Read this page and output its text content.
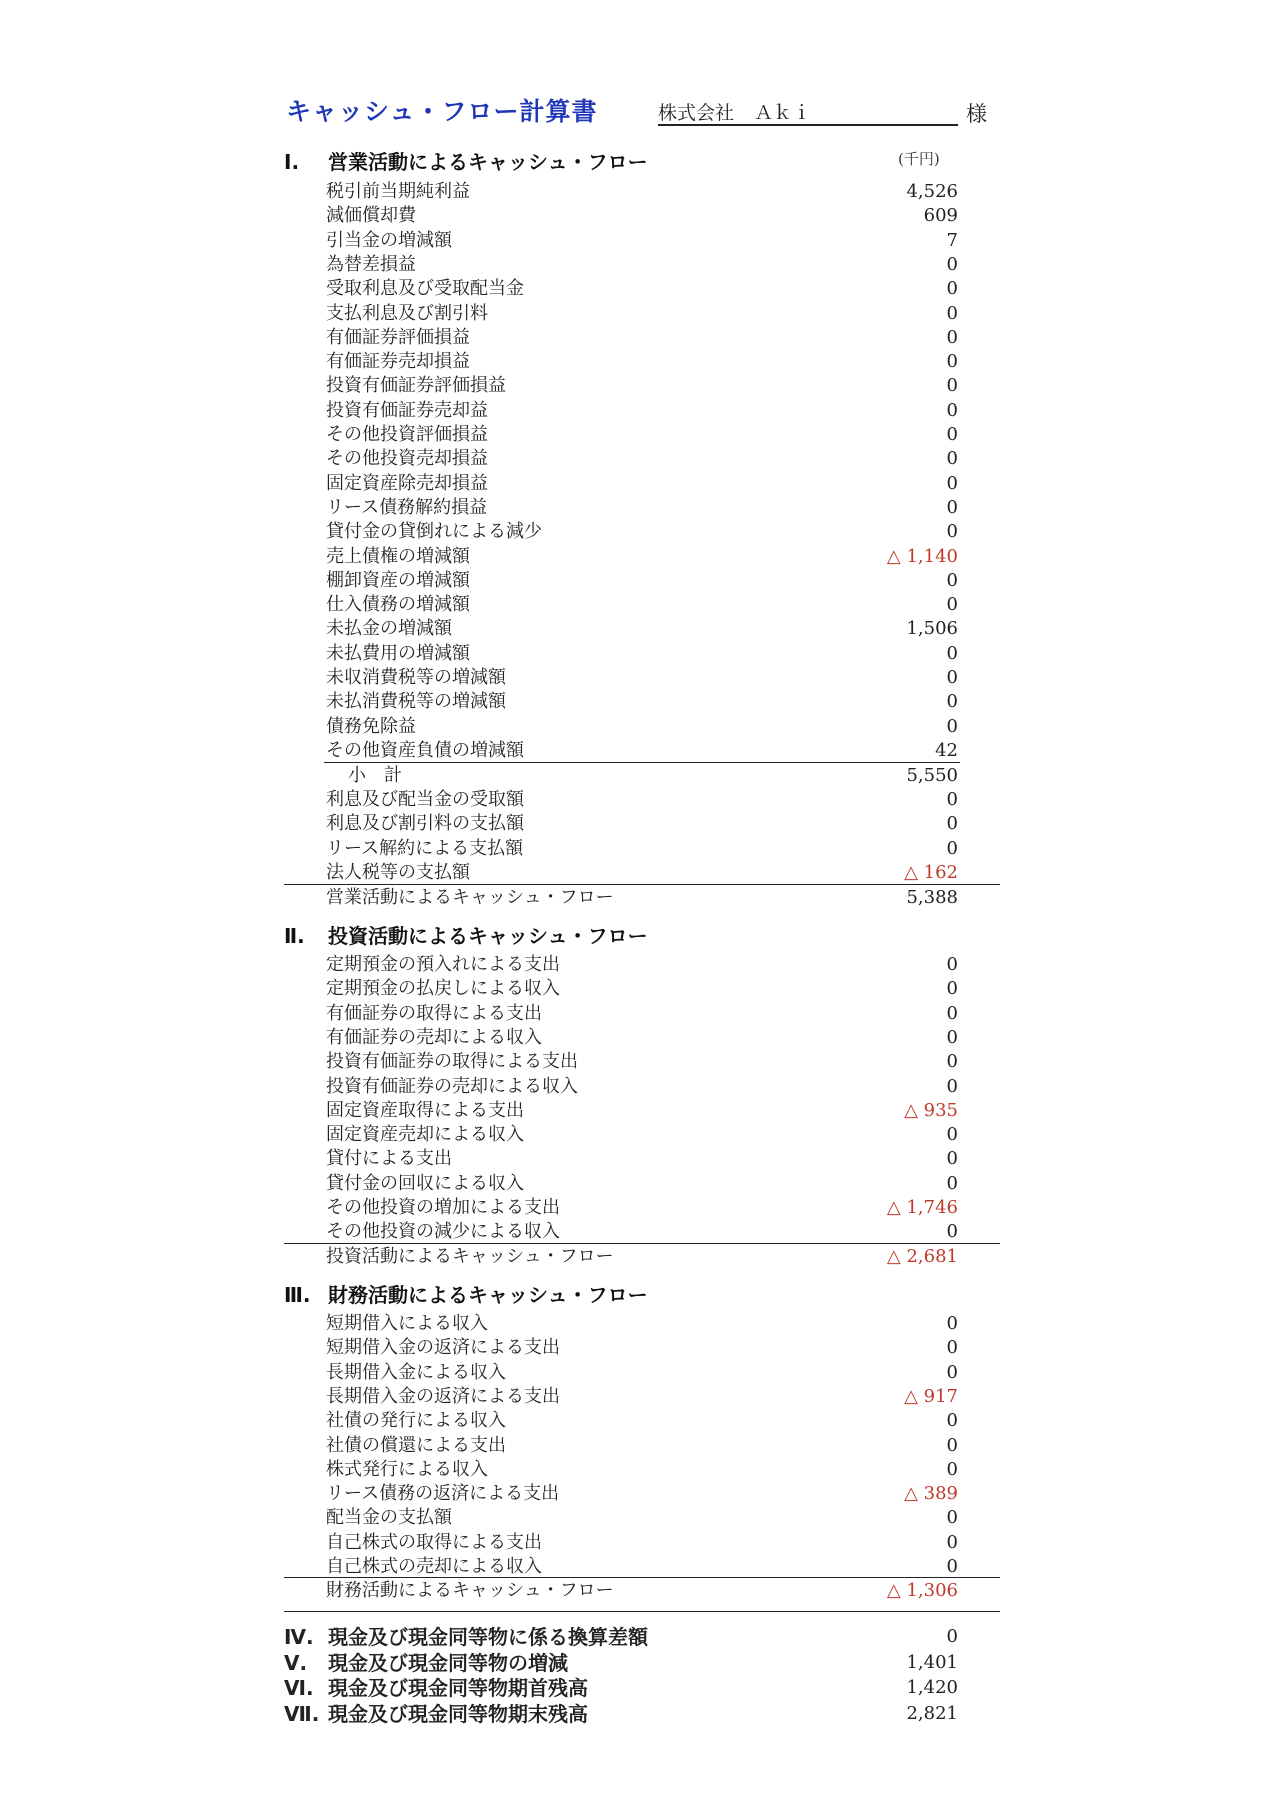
キャッシュ・フロー計算書	株式会社 Ａｋｉ	様
(千円)
Ⅰ. 営業活動によるキャッシュ・フロー
税引前当期純利益	4,526
減価償却費	609
引当金の増減額	7
為替差損益	0
受取利息及び受取配当金	0
支払利息及び割引料	0
有価証券評価損益	0
有価証券売却損益	0
投資有価証券評価損益	0
投資有価証券売却益	0
その他投資評価損益	0
その他投資売却損益	0
固定資産除売却損益	0
リース債務解約損益	0
貸付金の貸倒れによる減少	0
売上債権の増減額	△ 1,140
棚卸資産の増減額	0
仕入債務の増減額	0
未払金の増減額	1,506
未払費用の増減額	0
未収消費税等の増減額	0
未払消費税等の増減額	0
債務免除益	0
その他資産負債の増減額	42
小　計	5,550
利息及び配当金の受取額	0
利息及び割引料の支払額	0
リース解約による支払額	0
法人税等の支払額	△ 162
営業活動によるキャッシュ・フロー	5,388
Ⅱ. 投資活動によるキャッシュ・フロー
定期預金の預入れによる支出	0
定期預金の払戻しによる収入	0
有価証券の取得による支出	0
有価証券の売却による収入	0
投資有価証券の取得による支出	0
投資有価証券の売却による収入	0
固定資産取得による支出	△ 935
固定資産売却による収入	0
貸付による支出	0
貸付金の回収による収入	0
その他投資の増加による支出	△ 1,746
その他投資の減少による収入	0
投資活動によるキャッシュ・フロー	△ 2,681
Ⅲ. 財務活動によるキャッシュ・フロー
短期借入による収入	0
短期借入金の返済による支出	0
長期借入金による収入	0
長期借入金の返済による支出	△ 917
社債の発行による収入	0
社債の償還による支出	0
株式発行による収入	0
リース債務の返済による支出	△ 389
配当金の支払額	0
自己株式の取得による支出	0
自己株式の売却による収入	0
財務活動によるキャッシュ・フロー	△ 1,306
Ⅳ. 現金及び現金同等物に係る換算差額	0
Ⅴ. 現金及び現金同等物の増減	1,401
Ⅵ. 現金及び現金同等物期首残高	1,420
Ⅶ. 現金及び現金同等物期末残高	2,821
